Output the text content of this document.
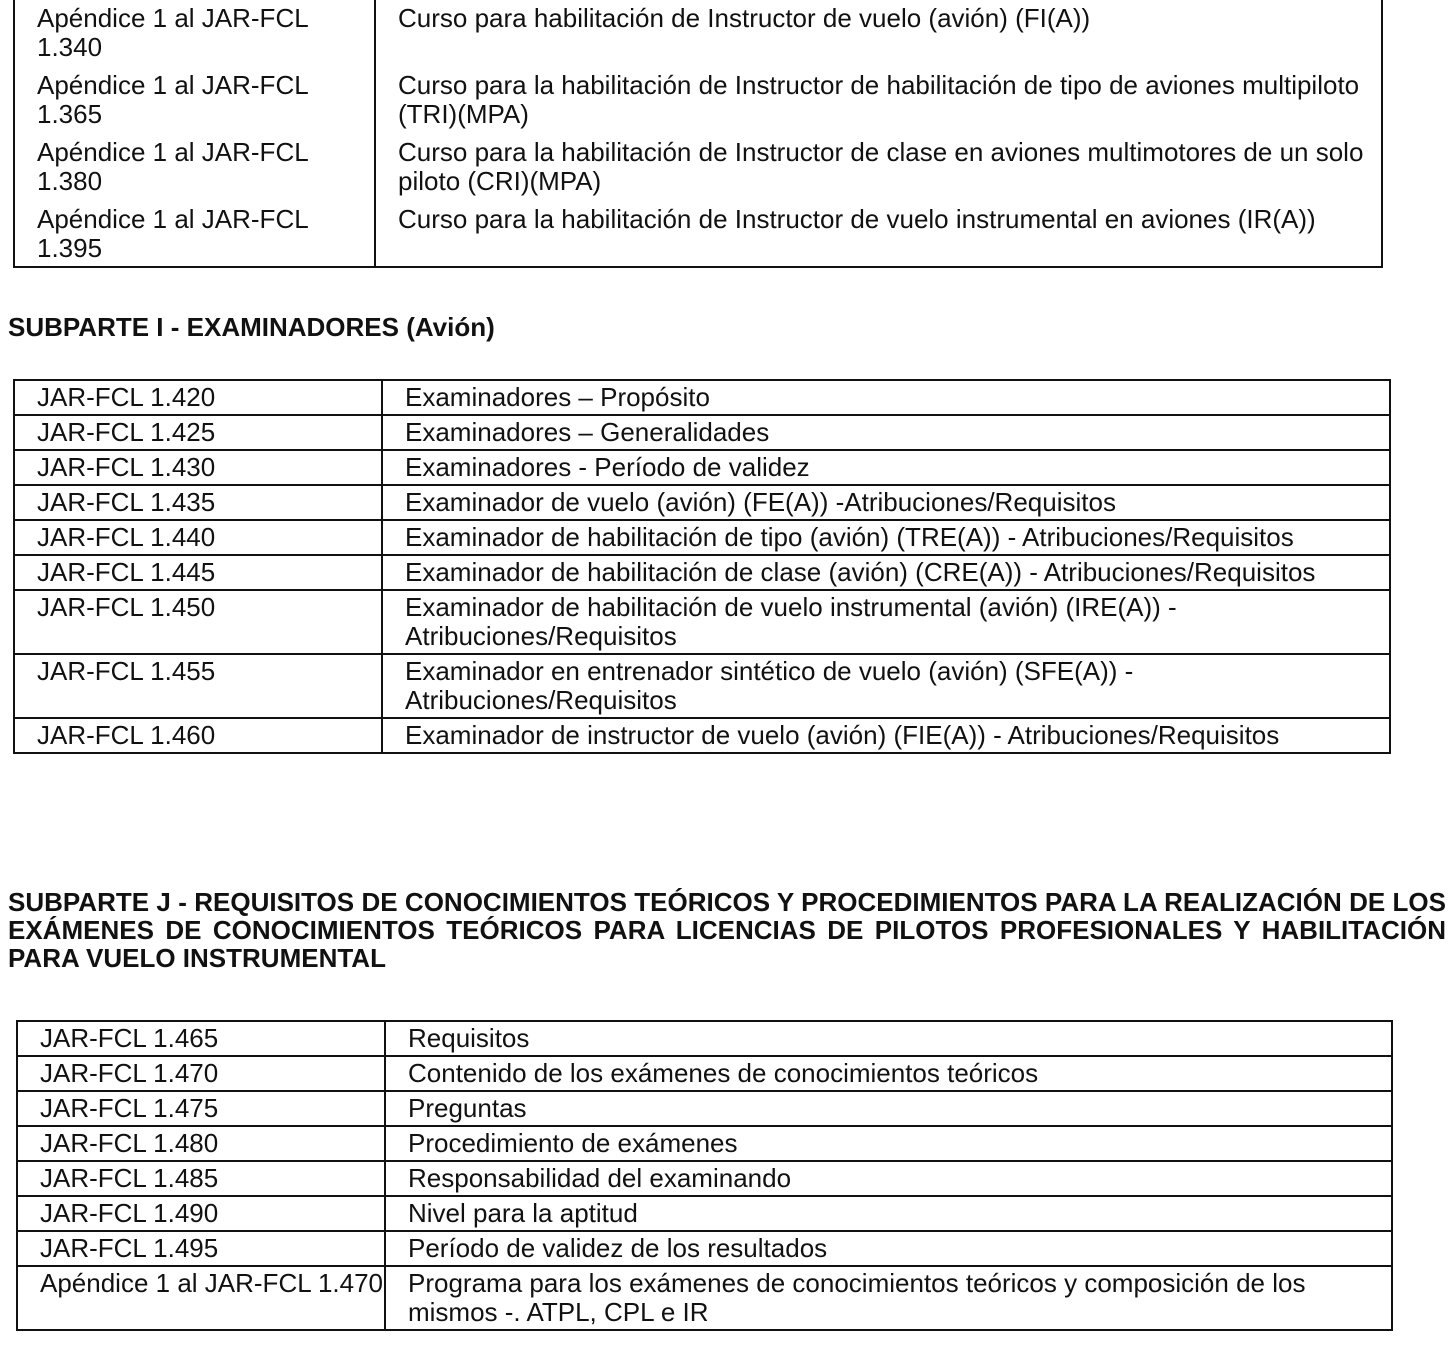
Apéndice 1 al JAR-FCL 1.340	Curso para habilitación de Instructor de vuelo (avión) (FI(A))
Apéndice 1 al JAR-FCL 1.365	Curso para la habilitación de Instructor de habilitación de tipo de aviones multipiloto (TRI)(MPA)
Apéndice 1 al JAR-FCL 1.380	Curso para la habilitación de Instructor de clase en aviones multimotores de un solo piloto (CRI)(MPA)
Apéndice 1 al JAR-FCL 1.395	Curso para la habilitación de Instructor de vuelo instrumental en aviones (IR(A))
SUBPARTE I - EXAMINADORES (Avión)
JAR-FCL 1.420	Examinadores – Propósito
JAR-FCL 1.425	Examinadores – Generalidades
JAR-FCL 1.430	Examinadores - Período de validez
JAR-FCL 1.435	Examinador de vuelo (avión) (FE(A)) -Atribuciones/Requisitos
JAR-FCL 1.440	Examinador de habilitación de tipo (avión) (TRE(A)) - Atribuciones/Requisitos
JAR-FCL 1.445	Examinador de habilitación de clase (avión) (CRE(A)) - Atribuciones/Requisitos
JAR-FCL 1.450	Examinador de habilitación de vuelo instrumental (avión) (IRE(A)) - Atribuciones/Requisitos
JAR-FCL 1.455	Examinador en entrenador sintético de vuelo (avión) (SFE(A)) - Atribuciones/Requisitos
JAR-FCL 1.460	Examinador de instructor de vuelo (avión) (FIE(A)) - Atribuciones/Requisitos
SUBPARTE J - REQUISITOS DE CONOCIMIENTOS TEÓRICOS Y PROCEDIMIENTOS PARA LA REALIZACIÓN DE LOS EXÁMENES DE CONOCIMIENTOS TEÓRICOS PARA LICENCIAS DE PILOTOS PROFESIONALES Y HABILITACIÓN PARA VUELO INSTRUMENTAL
JAR-FCL 1.465	Requisitos
JAR-FCL 1.470	Contenido de los exámenes de conocimientos teóricos
JAR-FCL 1.475	Preguntas
JAR-FCL 1.480	Procedimiento de exámenes
JAR-FCL 1.485	Responsabilidad del examinando
JAR-FCL 1.490	Nivel para la aptitud
JAR-FCL 1.495	Período de validez de los resultados
Apéndice 1 al JAR-FCL 1.470	Programa para los exámenes de conocimientos teóricos y composición de los mismos -. ATPL, CPL e IR
